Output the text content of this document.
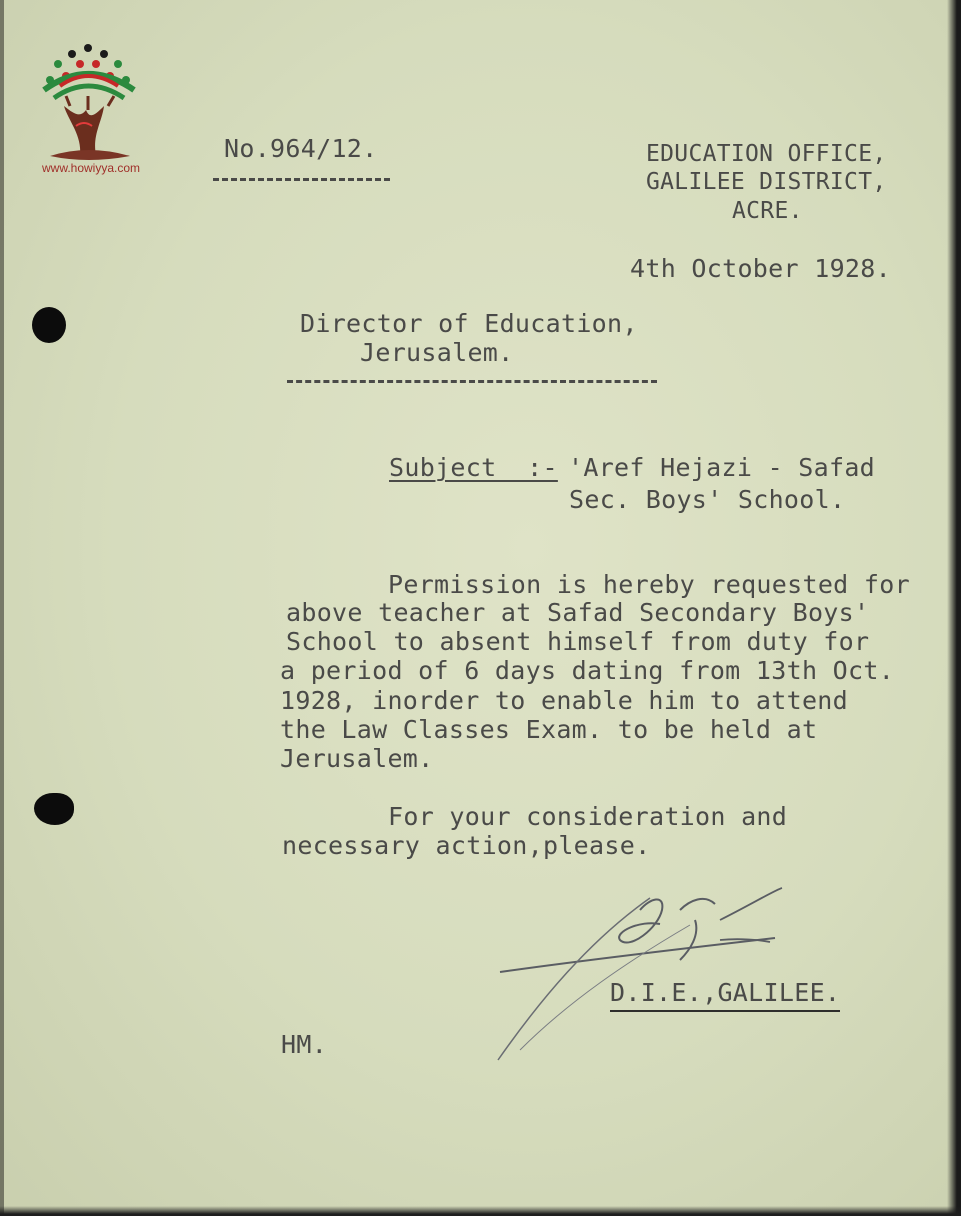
www.howiyya.com
No.964/12.	EDUCATION OFFICE,
GALILEE DISTRICT,
ACRE.
4th October 1928.
Director of Education,
Jerusalem.
Subject  :- 'Aref Hejazi - Safad
Sec. Boys' School.
Permission is hereby requested for
above teacher at Safad Secondary Boys'
School to absent himself from duty for
a period of 6 days dating from 13th Oct.
1928, inorder to enable him to attend
the Law Classes Exam. to be held at
Jerusalem.
For your consideration and
necessary action,please.
D.I.E.,GALILEE.
HM.
